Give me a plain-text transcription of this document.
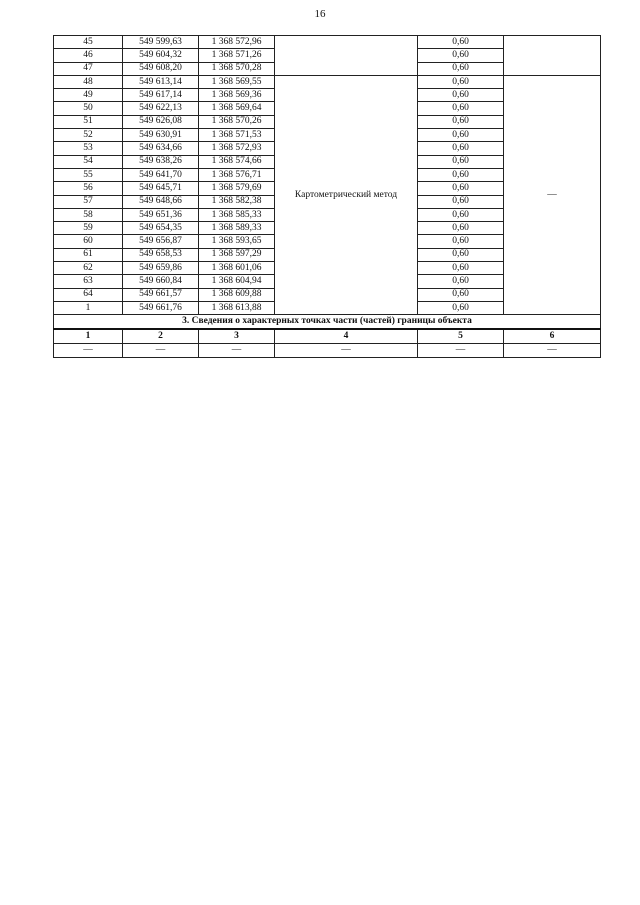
16
45	549 599,63	1 368 572,96		0,60	
46	549 604,32	1 368 571,26		0,60	
47	549 608,20	1 368 570,28		0,60	
48	549 613,14	1 368 569,55	Картометрический метод	0,60	—
49	549 617,14	1 368 569,36		0,60	
50	549 622,13	1 368 569,64		0,60	
51	549 626,08	1 368 570,26		0,60	
52	549 630,91	1 368 571,53		0,60	
53	549 634,66	1 368 572,93		0,60	
54	549 638,26	1 368 574,66		0,60	
55	549 641,70	1 368 576,71		0,60	
56	549 645,71	1 368 579,69		0,60	
57	549 648,66	1 368 582,38		0,60	
58	549 651,36	1 368 585,33		0,60	
59	549 654,35	1 368 589,33		0,60	
60	549 656,87	1 368 593,65		0,60	
61	549 658,53	1 368 597,29		0,60	
62	549 659,86	1 368 601,06		0,60	
63	549 660,84	1 368 604,94		0,60	
64	549 661,57	1 368 609,88		0,60	
1	549 661,76	1 368 613,88		0,60	
3. Сведения о характерных точках части (частей) границы объекта					
1	2	3	4	5	6
—	—	—	—	—	—
